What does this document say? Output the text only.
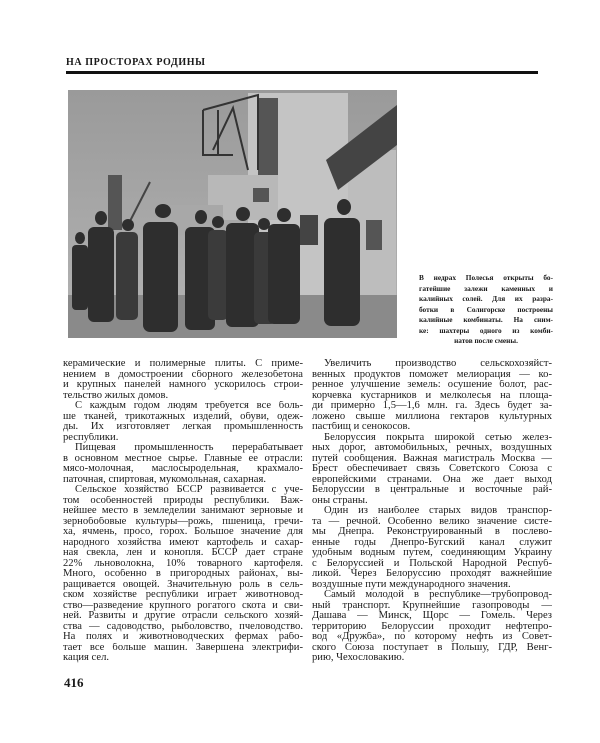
НА ПРОСТОРАХ РОДИНЫ
В недрах Полесья открыты бо-
гатейшие залежи каменных и
калийных солей. Для их разра-
ботки в Солигорске построены
калийные комбинаты. На сним-
ке: шахтеры одного из комби-
натов после смены.
керамические и полимерные плиты. С приме-
нением в домостроении сборного железобетона
и крупных панелей намного ускорилось строи-
тельство жилых домов.
С каждым годом людям требуется все боль-
ше тканей, трикотажных изделий, обуви, одеж-
ды. Их изготовляет легкая промышленность
республики.
Пищевая промышленность перерабатывает
в основном местное сырье. Главные ее отрасли:
мясо-молочная, маслосыродельная, крахмало-
паточная, спиртовая, мукомольная, сахарная.
Сельское хозяйство БССР развивается с уче-
том особенностей природы республики. Важ-
нейшее место в земледелии занимают зерновые и
зернобобовые культуры—рожь, пшеница, гречи-
ха, ячмень, просо, горох. Большое значение для
народного хозяйства имеют картофель и сахар-
ная свекла, лен и конопля. БССР дает стране
22% льноволокна, 10% товарного картофеля.
Много, особенно в пригородных районах, вы-
ращивается овощей. Значительную роль в сель-
ском хозяйстве республики играет животновод-
ство—разведение крупного рогатого скота и сви-
ней. Развиты и другие отрасли сельского хозяй-
ства — садоводство, рыболовство, пчеловодство.
На полях и животноводческих фермах рабо-
тает все больше машин. Завершена электрифи-
кация сел.
Увеличить производство сельскохозяйст-
венных продуктов поможет мелиорация — ко-
ренное улучшение земель: осушение болот, рас-
корчевка кустарников и мелколесья на площа-
ди примерно 1,5—1,6 млн. га. Здесь будет за-
ложено свыше миллиона гектаров культурных
пастбищ и сенокосов.
Белоруссия покрыта широкой сетью желез-
ных дорог, автомобильных, речных, воздушных
путей сообщения. Важная магистраль Москва —
Брест обеспечивает связь Советского Союза с
европейскими странами. Она же дает выход
Белоруссии в центральные и восточные рай-
оны страны.
Один из наиболее старых видов транспор-
та — речной. Особенно велико значение систе-
мы Днепра. Реконструированный в послево-
енные годы Днепро-Бугский канал служит
удобным водным путем, соединяющим Украину
с Белоруссией и Польской Народной Респуб-
ликой. Через Белоруссию проходят важнейшие
воздушные пути международного значения.
Самый молодой в республике—трубопровод-
ный транспорт. Крупнейшие газопроводы —
Дашава — Минск, Щорс — Гомель. Через
территорию Белоруссии проходит нефтепро-
вод «Дружба», по которому нефть из Совет-
ского Союза поступает в Польшу, ГДР, Венг-
рию, Чехословакию.
416
